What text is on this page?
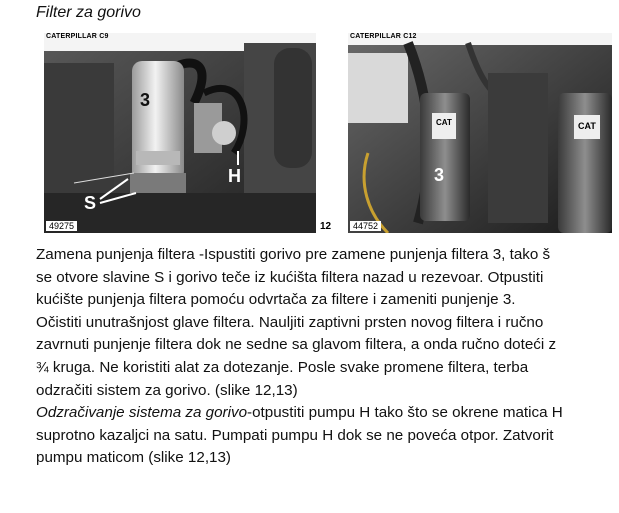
Filter za gorivo
3
H
S
CATERPILLAR C9
49275	12
CAT	CAT
3
CATERPILLAR C12
44752

Zamena punjenja filtera -Ispustiti gorivo pre zamene punjenja filtera 3, tako š

se otvore slavine S i gorivo teče iz kućišta filtera nazad u rezevoar. Otpustiti

kućište punjenja filtera pomoću odvrtača za filtere i zameniti punjenje 3.

Očistiti unutrašnjost glave filtera. Nauljiti zaptivni prsten novog filtera i ručno

zavrnuti punjenje filtera dok ne sedne sa glavom filtera, a onda ručno doteći z

¾ kruga. Ne koristiti alat za dotezanje. Posle svake promene filtera, terba

odzračiti sistem za gorivo. (slike 12,13)

Odzračivanje sistema za gorivo-otpustiti pumpu H tako što se okrene matica H

suprotno kazaljci na satu. Pumpati pumpu H dok se ne poveća otpor. Zatvorit

pumpu maticom (slike 12,13)
